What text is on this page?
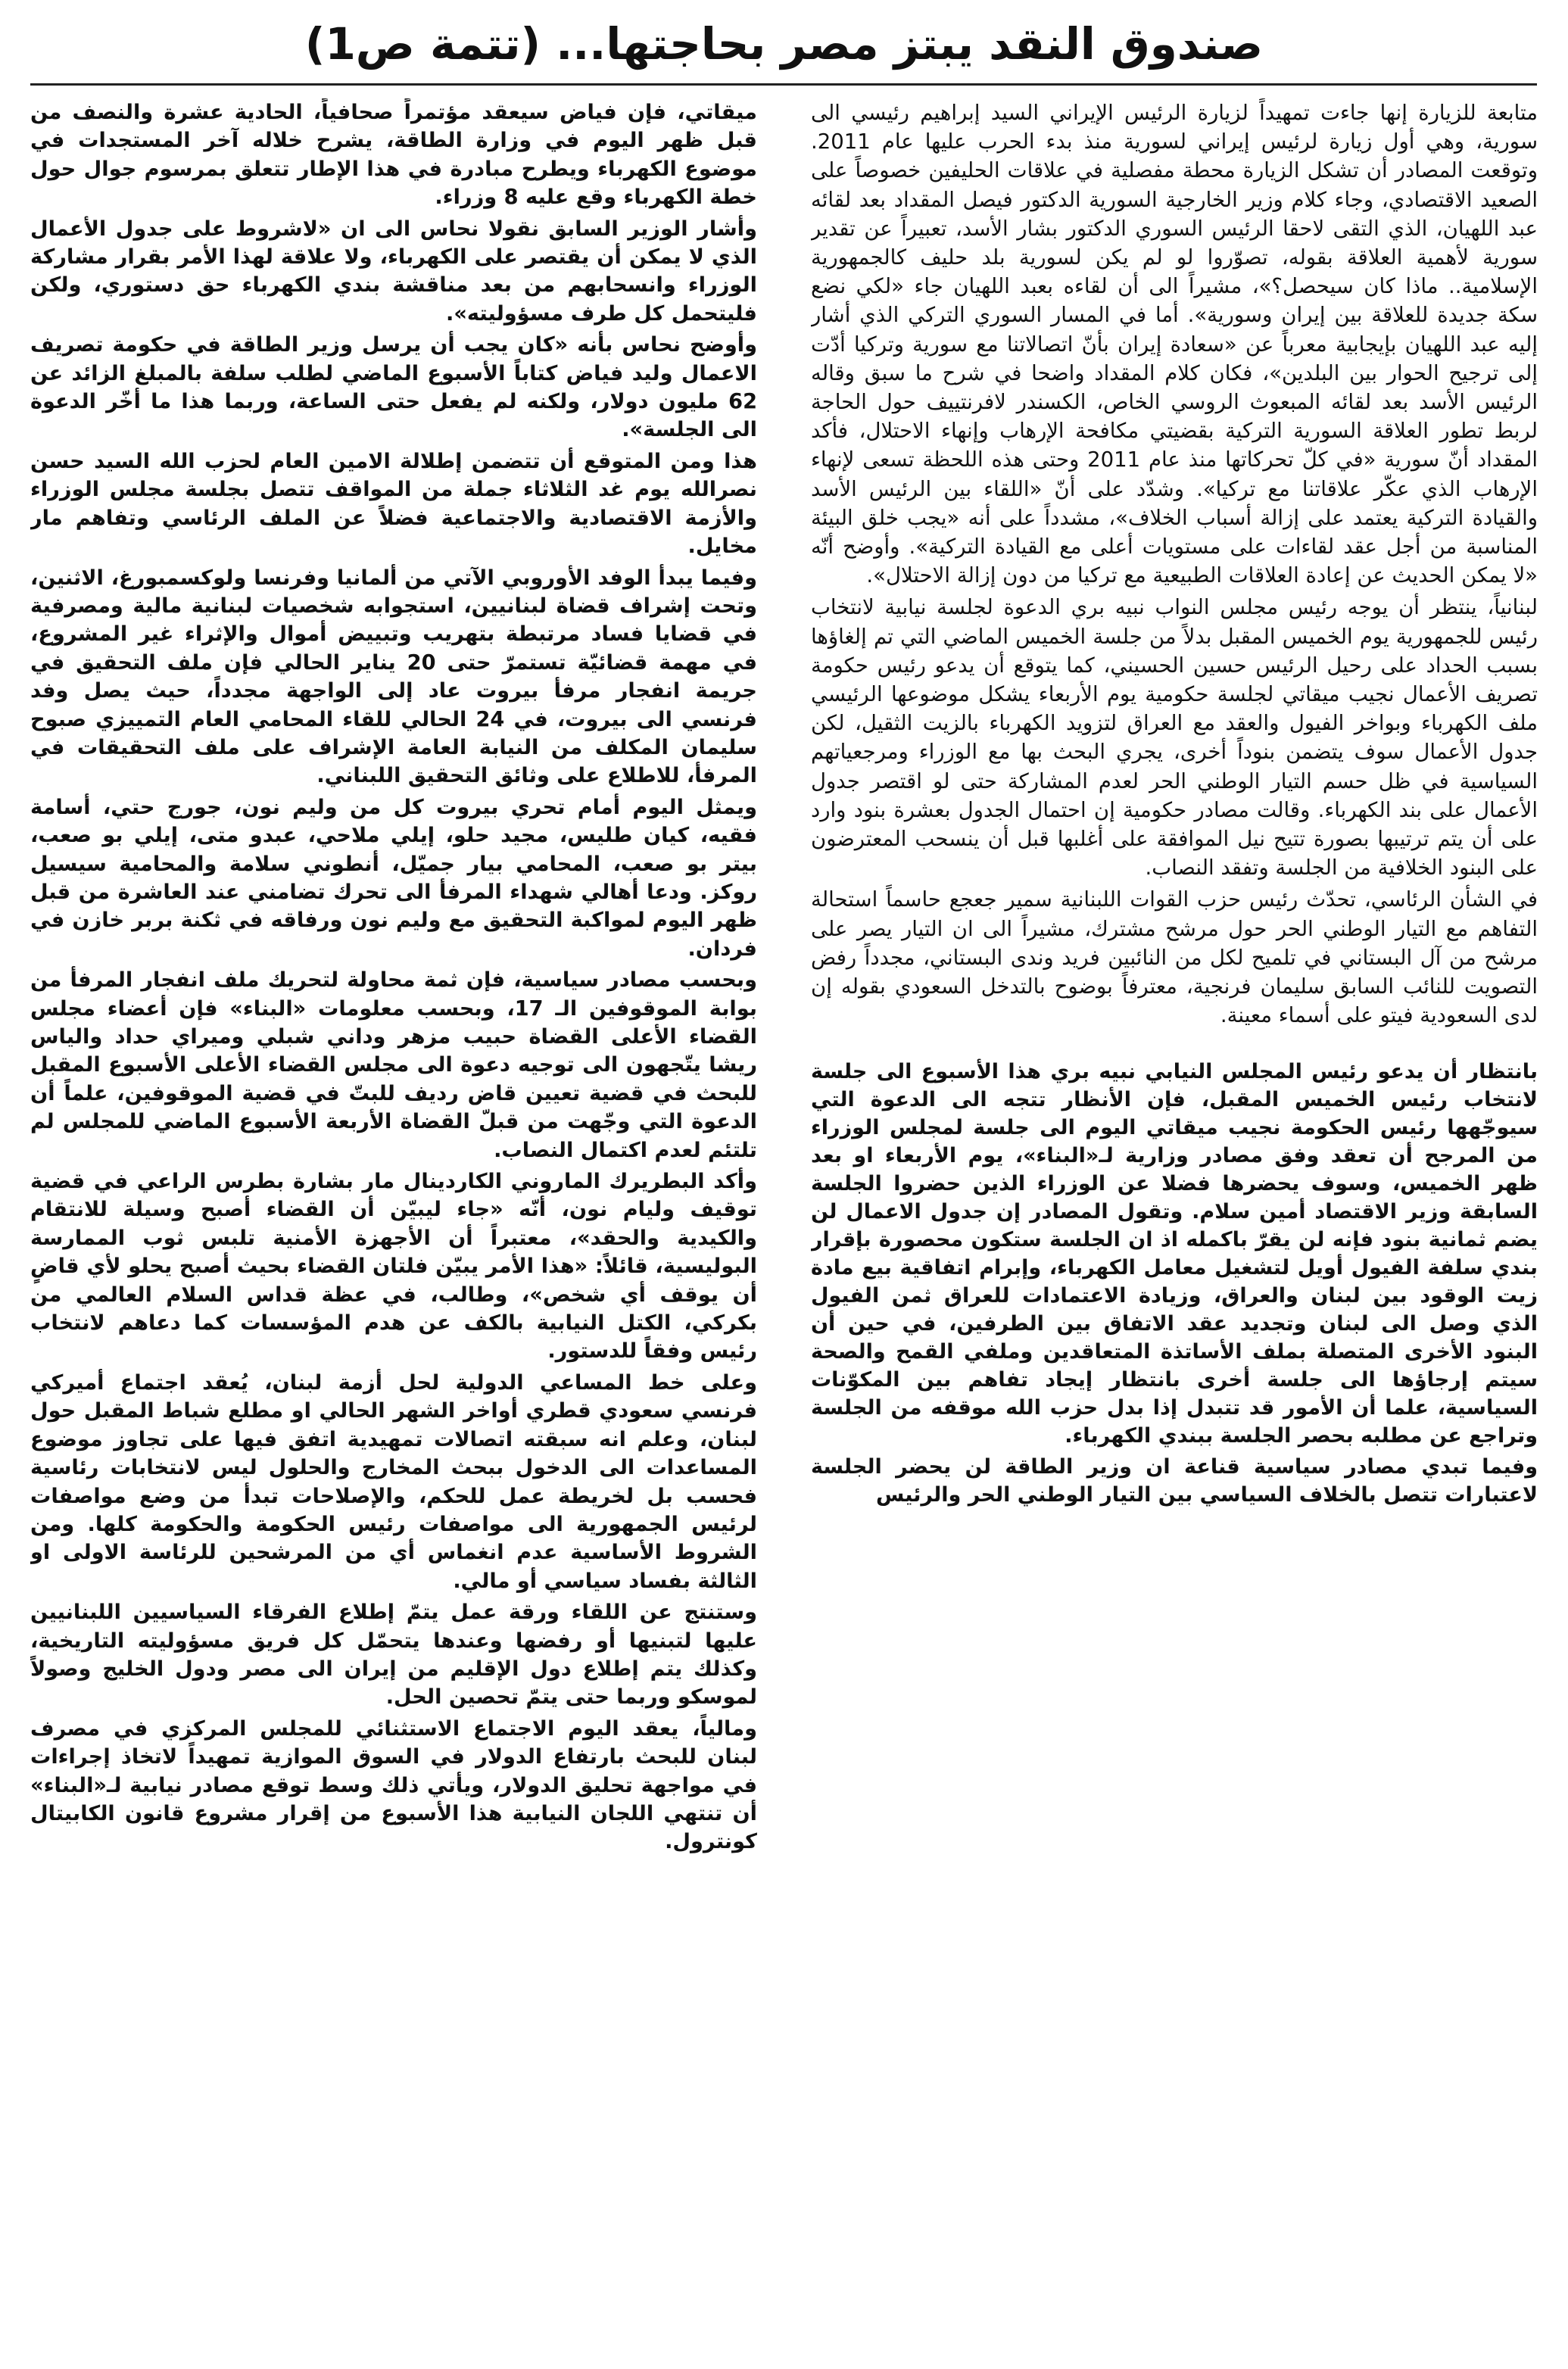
صندوق النقد يبتز مصر بحاجتها... (تتمة ص1)

متابعة للزيارة إنها جاءت تمهيداً لزيارة الرئيس الإيراني السيد إبراهيم رئيسي الى سورية، وهي أول زيارة لرئيس إيراني لسورية منذ بدء الحرب عليها عام 2011. وتوقعت المصادر أن تشكل الزيارة محطة مفصلية في علاقات الحليفين خصوصاً على الصعيد الاقتصادي، وجاء كلام وزير الخارجية السورية الدكتور فيصل المقداد بعد لقائه عبد اللهيان، الذي التقى لاحقا الرئيس السوري الدكتور بشار الأسد، تعبيراً عن تقدير سورية لأهمية العلاقة بقوله، تصوّروا لو لم يكن لسورية بلد حليف كالجمهورية الإسلامية.. ماذا كان سيحصل؟»، مشيراً الى أن لقاءه بعبد اللهيان جاء «لكي نضع سكة جديدة للعلاقة بين إيران وسورية». أما في المسار السوري التركي الذي أشار إليه عبد اللهيان بإيجابية معرباً عن «سعادة إيران بأنّ اتصالاتنا مع سورية وتركيا أدّت إلى ترجيح الحوار بين البلدين»، فكان كلام المقداد واضحا في شرح ما سبق وقاله الرئيس الأسد بعد لقائه المبعوث الروسي الخاص، الكسندر لافرنتييف حول الحاجة لربط تطور العلاقة السورية التركية بقضيتي مكافحة الإرهاب وإنهاء الاحتلال، فأكد المقداد أنّ سورية «في كلّ تحركاتها منذ عام 2011 وحتى هذه اللحظة تسعى لإنهاء الإرهاب الذي عكّر علاقاتنا مع تركيا». وشدّد على أنّ «اللقاء بين الرئيس الأسد والقيادة التركية يعتمد على إزالة أسباب الخلاف»، مشدداً على أنه «يجب خلق البيئة المناسبة من أجل عقد لقاءات على مستويات أعلى مع القيادة التركية». وأوضح أنّه «لا يمكن الحديث عن إعادة العلاقات الطبيعية مع تركيا من دون إزالة الاحتلال».

لبنانياً، ينتظر أن يوجه رئيس مجلس النواب نبيه بري الدعوة لجلسة نيابية لانتخاب رئيس للجمهورية يوم الخميس المقبل بدلاً من جلسة الخميس الماضي التي تم إلغاؤها بسبب الحداد على رحيل الرئيس حسين الحسيني، كما يتوقع أن يدعو رئيس حكومة تصريف الأعمال نجيب ميقاتي لجلسة حكومية يوم الأربعاء يشكل موضوعها الرئيسي ملف الكهرباء وبواخر الفيول والعقد مع العراق لتزويد الكهرباء بالزيت الثقيل، لكن جدول الأعمال سوف يتضمن بنوداً أخرى، يجري البحث بها مع الوزراء ومرجعياتهم السياسية في ظل حسم التيار الوطني الحر لعدم المشاركة حتى لو اقتصر جدول الأعمال على بند الكهرباء. وقالت مصادر حكومية إن احتمال الجدول بعشرة بنود وارد على أن يتم ترتيبها بصورة تتيح نيل الموافقة على أغلبها قبل أن ينسحب المعترضون على البنود الخلافية من الجلسة وتفقد النصاب.

في الشأن الرئاسي، تحدّث رئيس حزب القوات اللبنانية سمير جعجع حاسماً استحالة التفاهم مع التيار الوطني الحر حول مرشح مشترك، مشيراً الى ان التيار يصر على مرشح من آل البستاني في تلميح لكل من النائبين فريد وندى البستاني، مجدداً رفض التصويت للنائب السابق سليمان فرنجية، معترفاً بوضوح بالتدخل السعودي بقوله إن لدى السعودية فيتو على أسماء معينة.

بانتظار أن يدعو رئيس المجلس النيابي نبيه بري هذا الأسبوع الى جلسة لانتخاب رئيس الخميس المقبل، فإن الأنظار تتجه الى الدعوة التي سيوجّهها رئيس الحكومة نجيب ميقاتي اليوم الى جلسة لمجلس الوزراء من المرجح أن تعقد وفق مصادر وزارية لـ«البناء»، يوم الأربعاء او بعد ظهر الخميس، وسوف يحضرها فضلا عن الوزراء الذين حضروا الجلسة السابقة وزير الاقتصاد أمين سلام. وتقول المصادر إن جدول الاعمال لن يضم ثمانية بنود فإنه لن يقرّ باكمله اذ ان الجلسة ستكون محصورة بإقرار بندي سلفة الفيول أويل لتشغيل معامل الكهرباء، وإبرام اتفاقية بيع مادة زيت الوقود بين لبنان والعراق، وزيادة الاعتمادات للعراق ثمن الفيول الذي وصل الى لبنان وتجديد عقد الاتفاق بين الطرفين، في حين أن البنود الأخرى المتصلة بملف الأساتذة المتعاقدين وملفي القمح والصحة سيتم إرجاؤها الى جلسة أخرى بانتظار إيجاد تفاهم بين المكوّنات السياسية، علما أن الأمور قد تتبدل إذا بدل حزب الله موقفه من الجلسة وتراجع عن مطلبه بحصر الجلسة ببندي الكهرباء.

وفيما تبدي مصادر سياسية قناعة ان وزير الطاقة لن يحضر الجلسة لاعتبارات تتصل بالخلاف السياسي بين التيار الوطني الحر والرئيس

ميقاتي، فإن فياض سيعقد مؤتمراً صحافياً، الحادية عشرة والنصف من قبل ظهر اليوم في وزارة الطاقة، يشرح خلاله آخر المستجدات في موضوع الكهرباء ويطرح مبادرة في هذا الإطار تتعلق بمرسوم جوال حول خطة الكهرباء وقع عليه 8 وزراء.

وأشار الوزير السابق نقولا نحاس الى ان «لاشروط على جدول الأعمال الذي لا يمكن أن يقتصر على الكهرباء، ولا علاقة لهذا الأمر بقرار مشاركة الوزراء وانسحابهم من بعد مناقشة بندي الكهرباء حق دستوري، ولكن فليتحمل كل طرف مسؤوليته».

وأوضح نحاس بأنه «كان يجب أن يرسل وزير الطاقة في حكومة تصريف الاعمال وليد فياض كتاباً الأسبوع الماضي لطلب سلفة بالمبلغ الزائد عن 62 مليون دولار، ولكنه لم يفعل حتى الساعة، وربما هذا ما أخّر الدعوة الى الجلسة».

هذا ومن المتوقع أن تتضمن إطلالة الامين العام لحزب الله السيد حسن نصرالله يوم غد الثلاثاء جملة من المواقف تتصل بجلسة مجلس الوزراء والأزمة الاقتصادية والاجتماعية فضلاً عن الملف الرئاسي وتفاهم مار مخايل.

وفيما يبدأ الوفد الأوروبي الآتي من ألمانيا وفرنسا ولوكسمبورغ، الاثنين، وتحت إشراف قضاة لبنانيين، استجوابه شخصيات لبنانية مالية ومصرفية في قضايا فساد مرتبطة بتهريب وتبييض أموال والإثراء غير المشروع، في مهمة قضائيّة تستمرّ حتى 20 يناير الحالي فإن ملف التحقيق في جريمة انفجار مرفأ بيروت عاد إلى الواجهة مجدداً، حيث يصل وفد فرنسي الى بيروت، في 24 الحالي للقاء المحامي العام التمييزي صبوح سليمان المكلف من النيابة العامة الإشراف على ملف التحقيقات في المرفأ، للاطلاع على وثائق التحقيق اللبناني.

ويمثل اليوم أمام تحري بيروت كل من وليم نون، جورج حتي، أسامة فقيه، كيان طليس، مجيد حلو، إيلي ملاحي، عبدو متى، إيلي بو صعب، بيتر بو صعب، المحامي بيار جميّل، أنطوني سلامة والمحامية سيسيل روكز. ودعا أهالي شهداء المرفأ الى تحرك تضامني عند العاشرة من قبل ظهر اليوم لمواكبة التحقيق مع وليم نون ورفاقه في ثكنة بربر خازن في فردان.

وبحسب مصادر سياسية، فإن ثمة محاولة لتحريك ملف انفجار المرفأ من بوابة الموقوفين الـ 17، وبحسب معلومات «البناء» فإن أعضاء مجلس القضاء الأعلى القضاة حبيب مزهر وداني شبلي وميراي حداد والياس ريشا يتّجهون الى توجيه دعوة الى مجلس القضاء الأعلى الأسبوع المقبل للبحث في قضية تعيين قاض رديف للبتّ في قضية الموقوفين، علماً أن الدعوة التي وجّهت من قبلّ القضاة الأربعة الأسبوع الماضي للمجلس لم تلتئم لعدم اكتمال النصاب.

وأكد البطريرك الماروني الكاردينال مار بشارة بطرس الراعي في قضية توقيف وليام نون، أنّه «جاء ليبيّن أن القضاء أصبح وسيلة للانتقام والكيدية والحقد»، معتبراً أن الأجهزة الأمنية تلبس ثوب الممارسة البوليسية، قائلاً: «هذا الأمر يبيّن فلتان القضاء بحيث أصبح يحلو لأي قاضٍ أن يوقف أي شخص»، وطالب، في عظة قداس السلام العالمي من بكركي، الكتل النيابية بالكف عن هدم المؤسسات كما دعاهم لانتخاب رئيس وفقاً للدستور.

وعلى خط المساعي الدولية لحل أزمة لبنان، يُعقد اجتماع أميركي فرنسي سعودي قطري أواخر الشهر الحالي او مطلع شباط المقبل حول لبنان، وعلم انه سبقته اتصالات تمهيدية اتفق فيها على تجاوز موضوع المساعدات الى الدخول ببحث المخارج والحلول ليس لانتخابات رئاسية فحسب بل لخريطة عمل للحكم، والإصلاحات تبدأ من وضع مواصفات لرئيس الجمهورية الى مواصفات رئيس الحكومة والحكومة كلها. ومن الشروط الأساسية عدم انغماس أي من المرشحين للرئاسة الاولى او الثالثة بفساد سياسي أو مالي.

وستنتج عن اللقاء ورقة عمل يتمّ إطلاع الفرقاء السياسيين اللبنانيين عليها لتبنيها أو رفضها وعندها يتحمّل كل فريق مسؤوليته التاريخية، وكذلك يتم إطلاع دول الإقليم من إيران الى مصر ودول الخليج وصولاً لموسكو وربما حتى يتمّ تحصين الحل.

ومالياً، يعقد اليوم الاجتماع الاستثنائي للمجلس المركزي في مصرف لبنان للبحث بارتفاع الدولار في السوق الموازية تمهيداً لاتخاذ إجراءات في مواجهة تحليق الدولار، ويأتي ذلك وسط توقع مصادر نيابية لـ«البناء» أن تنتهي اللجان النيابية هذا الأسبوع من إقرار مشروع قانون الكابيتال كونترول.
